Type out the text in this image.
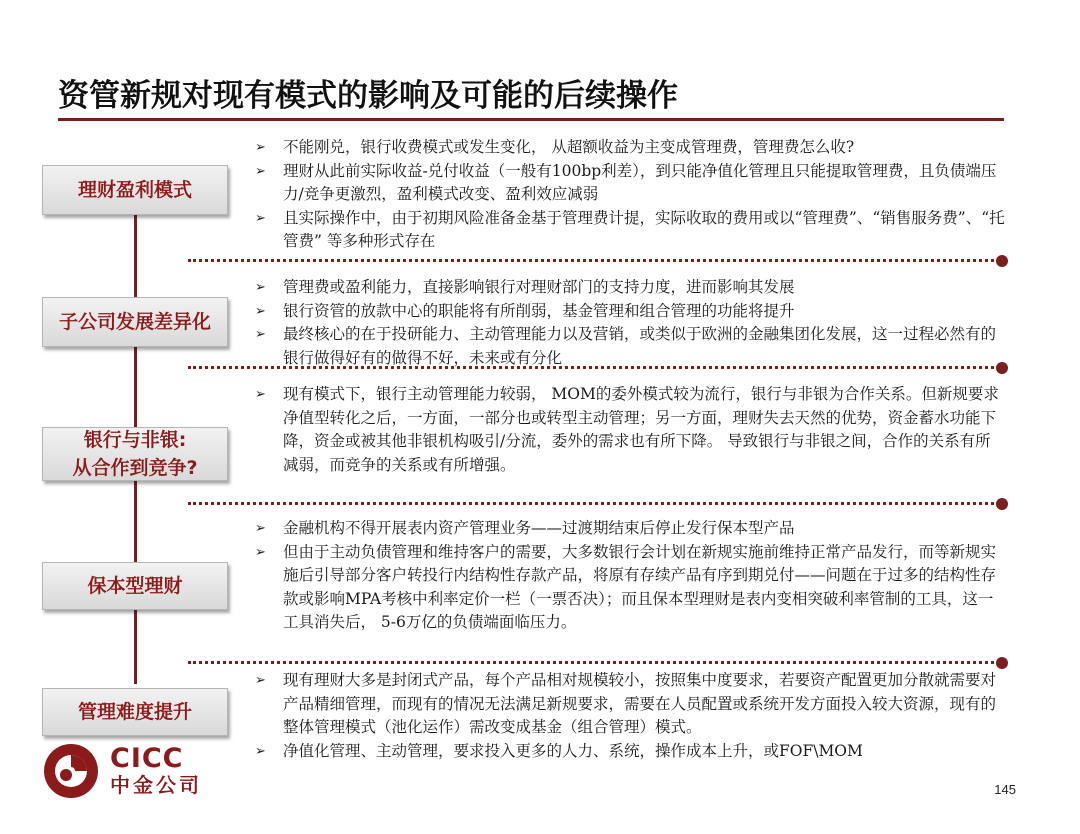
资管新规对现有模式的影响及可能的后续操作
理财盈利模式
➢ 不能刚兑，银行收费模式或发生变化， 从超额收益为主变成管理费，管理费怎么收?
➢ 理财从此前实际收益-兑付收益（一般有100bp利差），到只能净值化管理且只能提取管理费，且负债端压力/竞争更激烈，盈利模式改变、盈利效应减弱
➢ 且实际操作中，由于初期风险准备金基于管理费计提，实际收取的费用或以“管理费”、“销售服务费”、“托管费” 等多种形式存在
子公司发展差异化
➢ 管理费或盈利能力，直接影响银行对理财部门的支持力度，进而影响其发展
➢ 银行资管的放款中心的职能将有所削弱，基金管理和组合管理的功能将提升
➢ 最终核心的在于投研能力、主动管理能力以及营销，或类似于欧洲的金融集团化发展，这一过程必然有的银行做得好有的做得不好，未来或有分化
银行与非银:
从合作到竞争?
➢ 现有模式下，银行主动管理能力较弱， MOM的委外模式较为流行，银行与非银为合作关系。但新规要求净值型转化之后，一方面，一部分也或转型主动管理；另一方面，理财失去天然的优势，资金蓄水功能下降，资金或被其他非银机构吸引/分流，委外的需求也有所下降。 导致银行与非银之间，合作的关系有所减弱，而竞争的关系或有所增强。
保本型理财
➢ 金融机构不得开展表内资产管理业务——过渡期结束后停止发行保本型产品
➢ 但由于主动负债管理和维持客户的需要，大多数银行会计划在新规实施前维持正常产品发行，而等新规实施后引导部分客户转投行内结构性存款产品，将原有存续产品有序到期兑付——问题在于过多的结构性存款或影响MPA考核中利率定价一栏（一票否决）；而且保本型理财是表内变相突破利率管制的工具，这一工具消失后， 5-6万亿的负债端面临压力。
管理难度提升
➢ 现有理财大多是封闭式产品，每个产品相对规模较小，按照集中度要求，若要资产配置更加分散就需要对产品精细管理，而现有的情况无法满足新规要求，需要在人员配置或系统开发方面投入较大资源，现有的整体管理模式（池化运作）需改变成基金（组合管理）模式。
➢ 净值化管理、主动管理，要求投入更多的人力、系统，操作成本上升，或FOF\MOM
CICC
中金公司	145
